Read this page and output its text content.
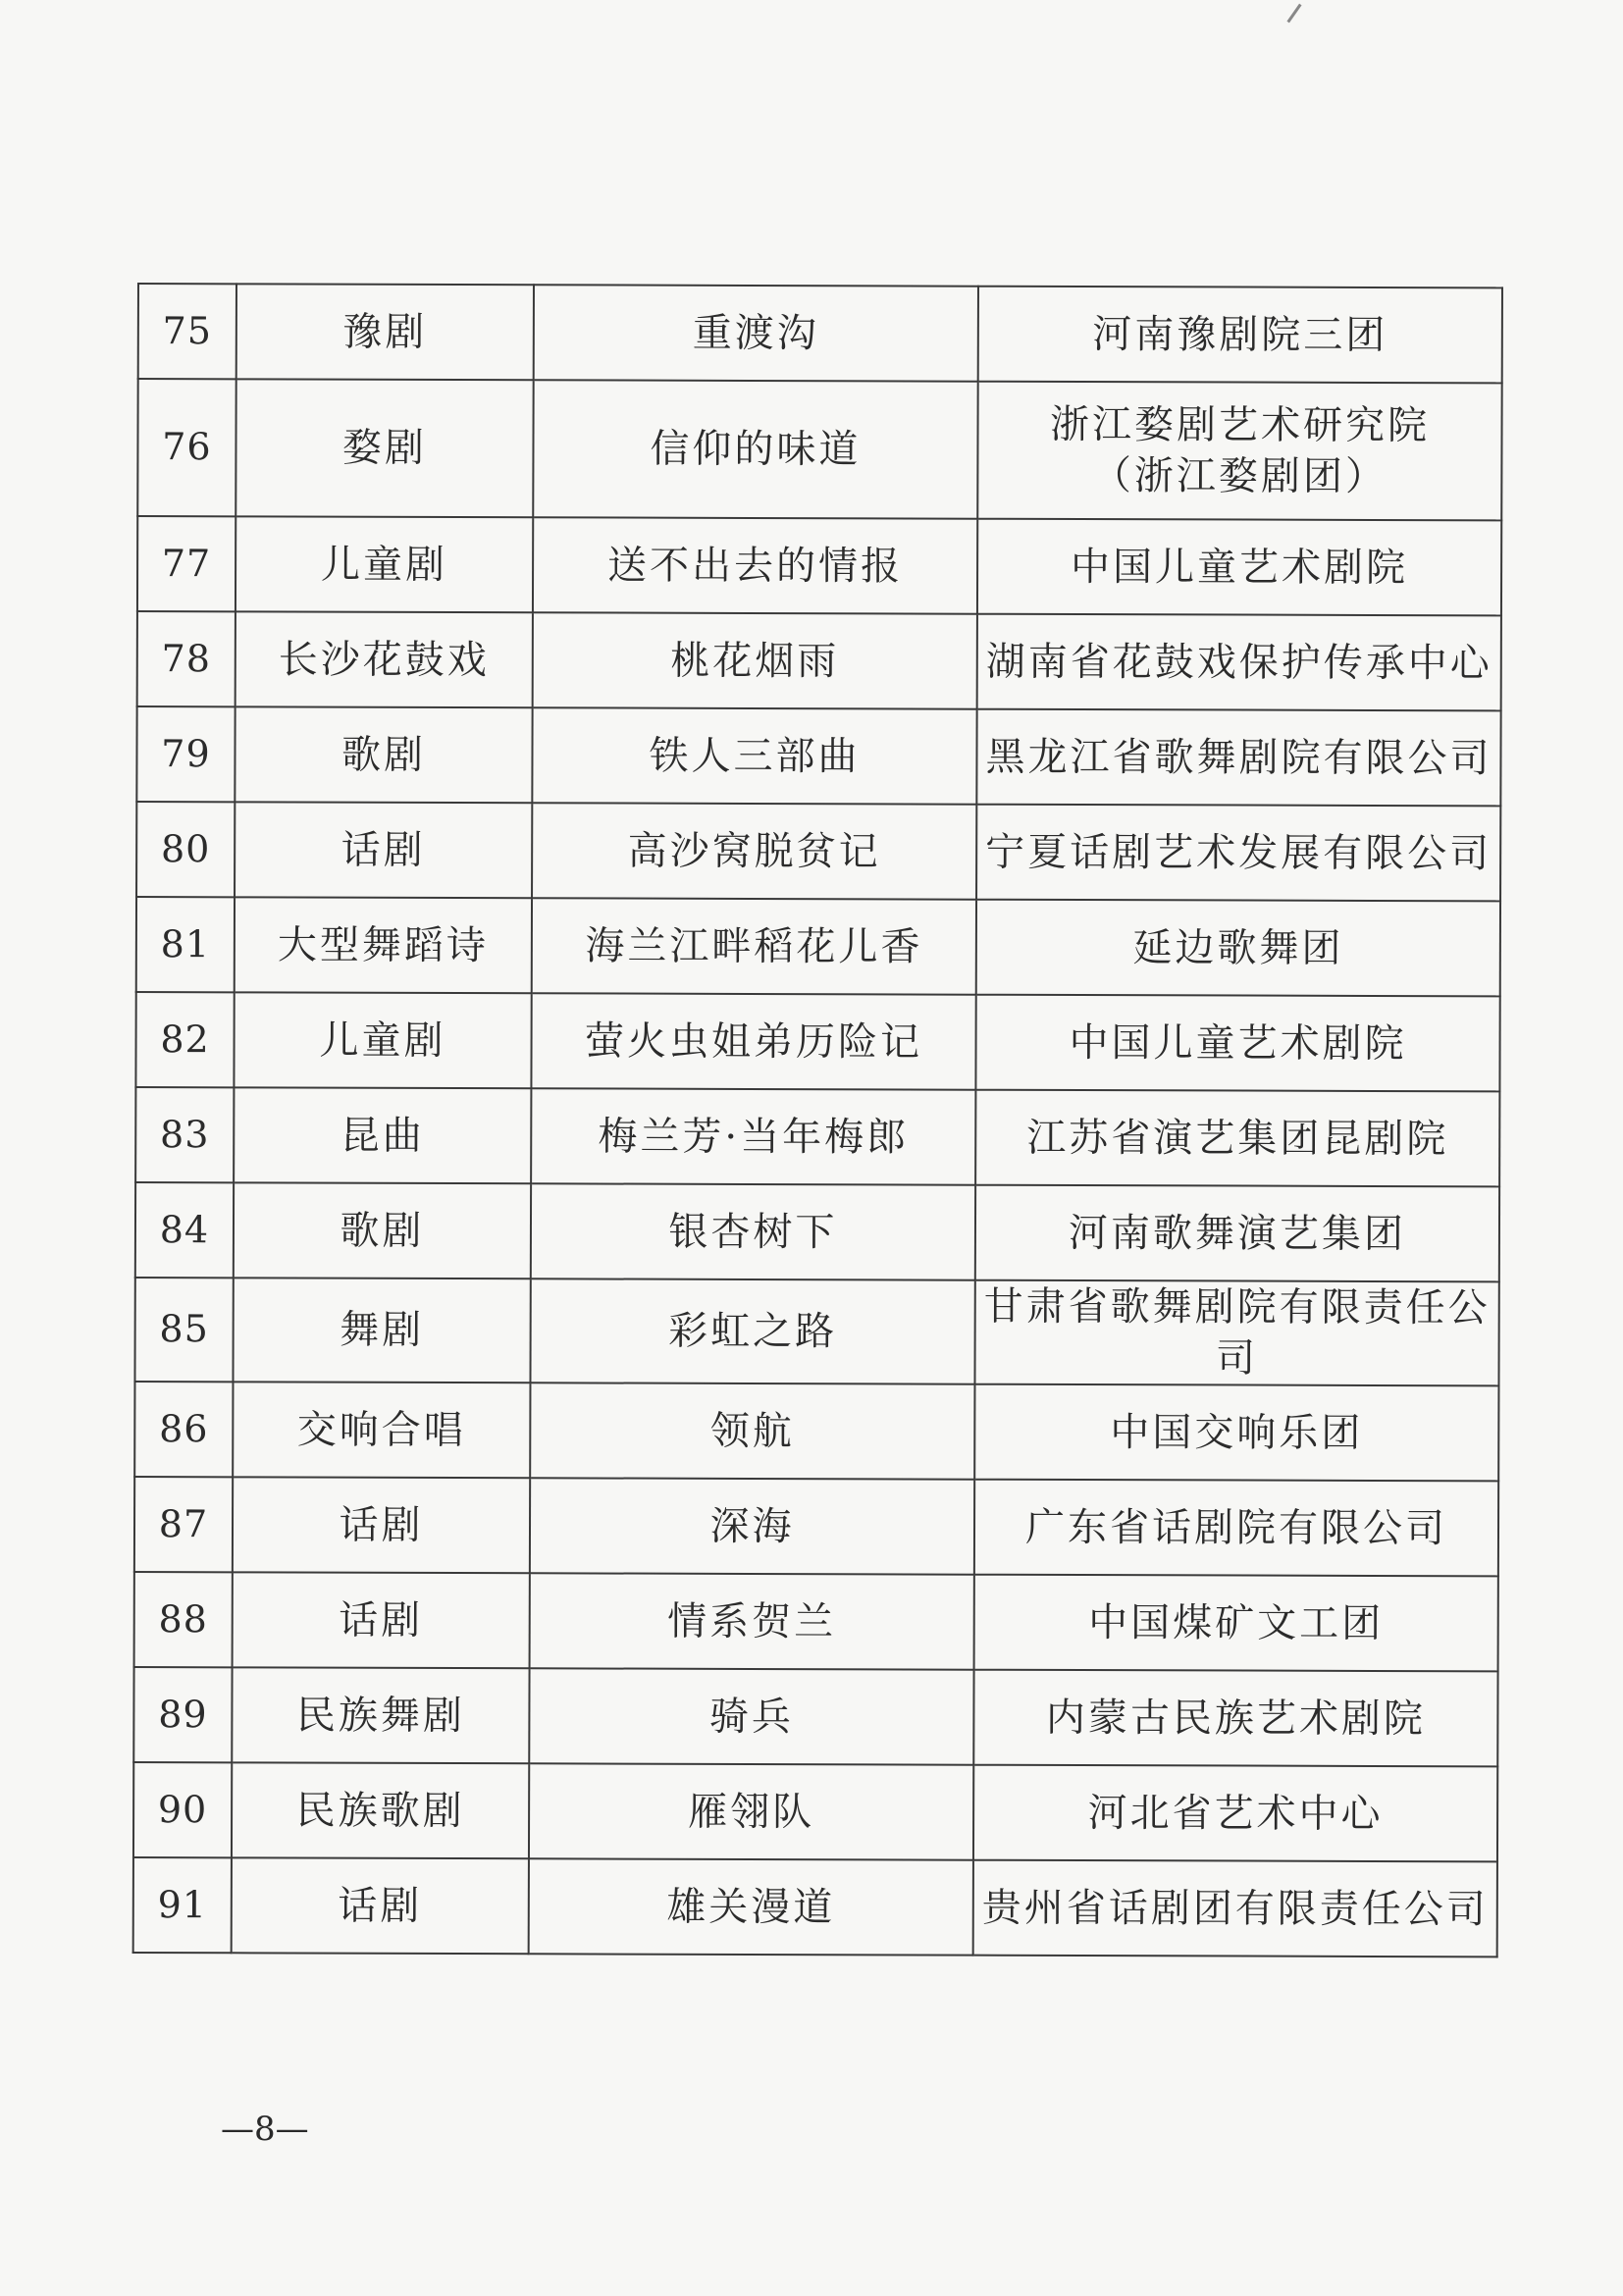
75	豫剧	重渡沟	河南豫剧院三团

76	婺剧	信仰的味道	浙江婺剧艺术研究院
（浙江婺剧团）

77	儿童剧	送不出去的情报	中国儿童艺术剧院

78	长沙花鼓戏	桃花烟雨	湖南省花鼓戏保护传承中心

79	歌剧	铁人三部曲	黑龙江省歌舞剧院有限公司

80	话剧	高沙窝脱贫记	宁夏话剧艺术发展有限公司

81	大型舞蹈诗	海兰江畔稻花儿香	延边歌舞团

82	儿童剧	萤火虫姐弟历险记	中国儿童艺术剧院

83	昆曲	梅兰芳·当年梅郎	江苏省演艺集团昆剧院

84	歌剧	银杏树下	河南歌舞演艺集团

85	舞剧	彩虹之路	甘肃省歌舞剧院有限责任公司

86	交响合唱	领航	中国交响乐团

87	话剧	深海	广东省话剧院有限公司

88	话剧	情系贺兰	中国煤矿文工团

89	民族舞剧	骑兵	内蒙古民族艺术剧院

90	民族歌剧	雁翎队	河北省艺术中心

91	话剧	雄关漫道	贵州省话剧团有限责任公司
—8—
